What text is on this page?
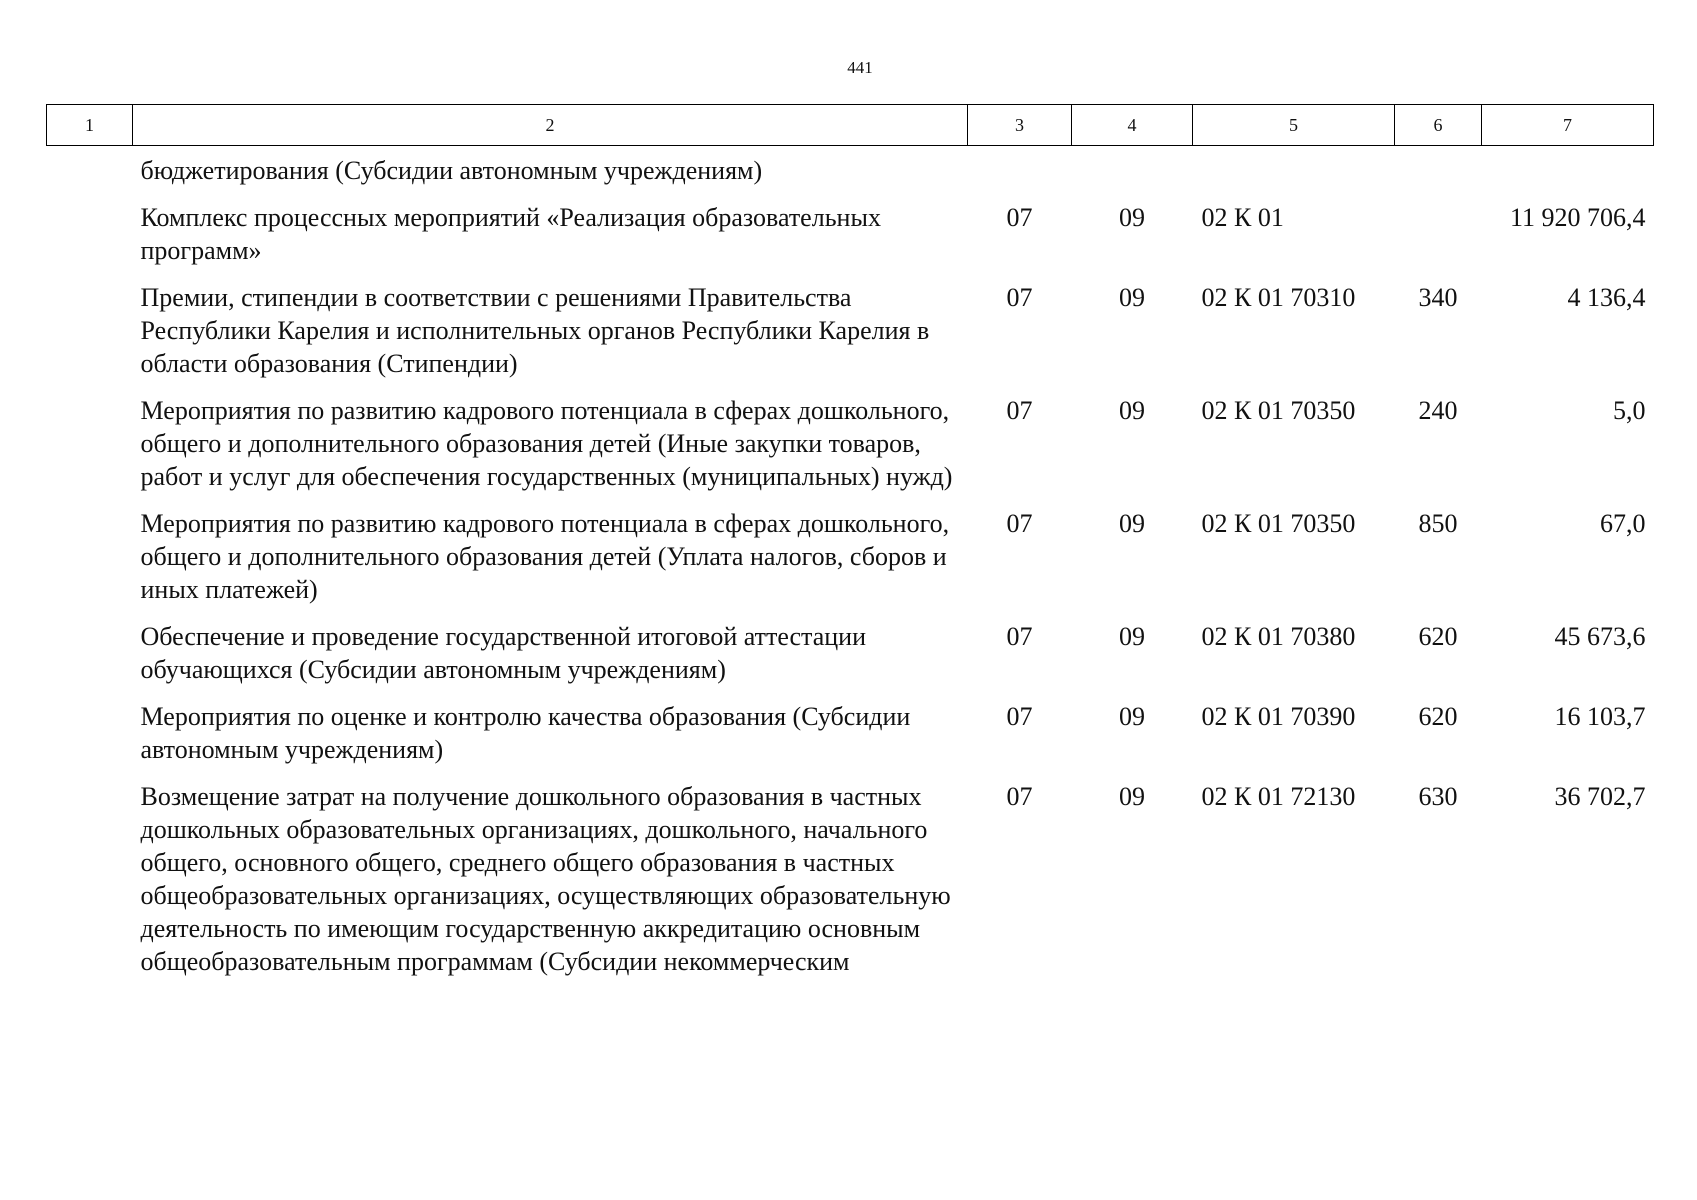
441
1	2	3	4	5	6	7
	бюджетирования (Субсидии автономным учреждениям)					
	Комплекс процессных мероприятий «Реализация образовательных программ»	07	09	02 К 01		11 920 706,4
	Премии, стипендии в соответствии с решениями Правительства Республики Карелия и исполнительных органов Республики Карелия в области образования (Стипендии)	07	09	02 К 01 70310	340	4 136,4
	Мероприятия по развитию кадрового потенциала в сферах дошкольного, общего и дополнительного образования детей (Иные закупки товаров, работ и услуг для обеспечения государственных (муниципальных) нужд)	07	09	02 К 01 70350	240	5,0
	Мероприятия по развитию кадрового потенциала в сферах дошкольного, общего и дополнительного образования детей (Уплата налогов, сборов и иных платежей)	07	09	02 К 01 70350	850	67,0
	Обеспечение и проведение государственной итоговой аттестации обучающихся (Субсидии автономным учреждениям)	07	09	02 К 01 70380	620	45 673,6
	Мероприятия по оценке и контролю качества образования (Субсидии автономным учреждениям)	07	09	02 К 01 70390	620	16 103,7
	Возмещение затрат на получение дошкольного образования в частных дошкольных образовательных организациях, дошкольного, начального общего, основного общего, среднего общего образования в частных общеобразовательных организациях, осуществляющих образовательную деятельность по имеющим государственную аккредитацию основным общеобразовательным программам (Субсидии некоммерческим	07	09	02 К 01 72130	630	36 702,7
